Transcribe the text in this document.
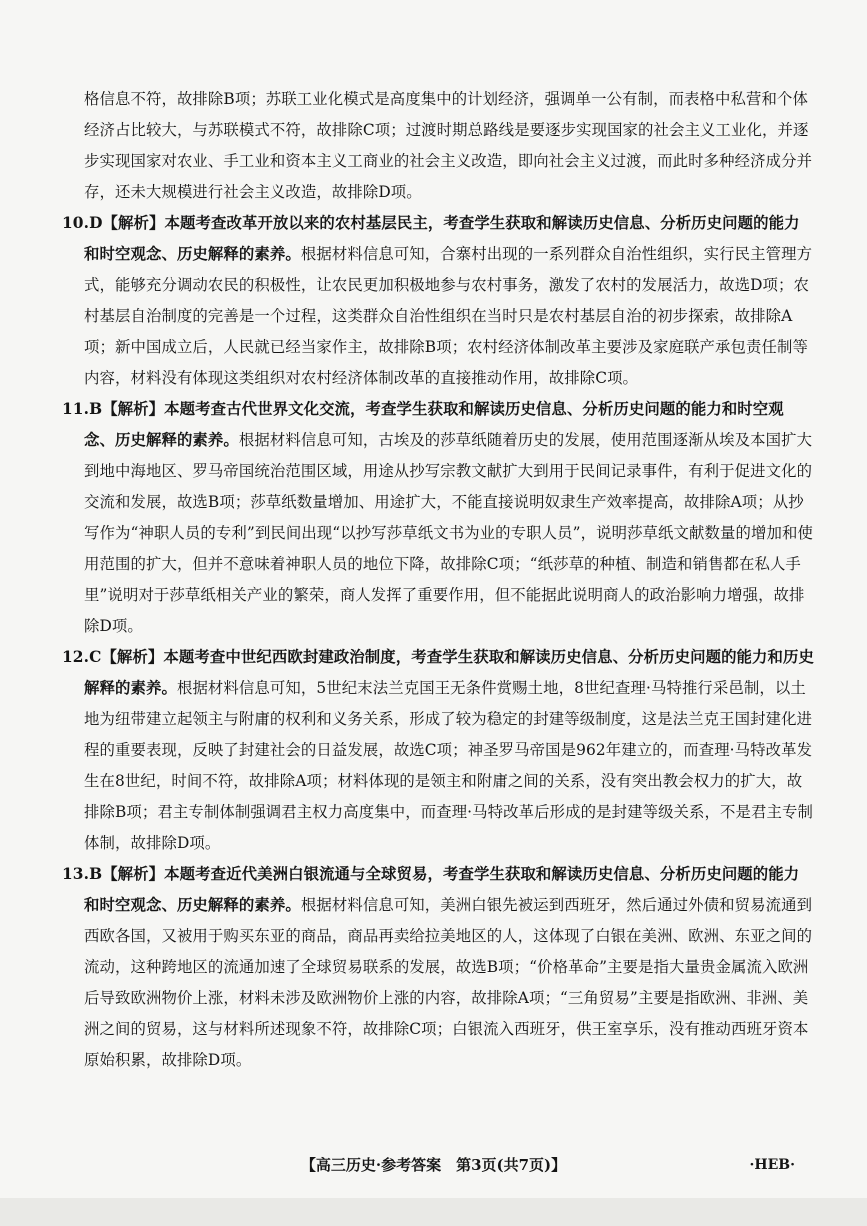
格信息不符，故排除B项；苏联工业化模式是高度集中的计划经济，强调单一公有制，而表格中私营和个体经济占比较大，与苏联模式不符，故排除C项；过渡时期总路线是要逐步实现国家的社会主义工业化，并逐步实现国家对农业、手工业和资本主义工商业的社会主义改造，即向社会主义过渡，而此时多种经济成分并存，还未大规模进行社会主义改造，故排除D项。

10.D【解析】本题考查改革开放以来的农村基层民主，考查学生获取和解读历史信息、分析历史问题的能力和时空观念、历史解释的素养。根据材料信息可知，合寨村出现的一系列群众自治性组织，实行民主管理方式，能够充分调动农民的积极性，让农民更加积极地参与农村事务，激发了农村的发展活力，故选D项；农村基层自治制度的完善是一个过程，这类群众自治性组织在当时只是农村基层自治的初步探索，故排除A项；新中国成立后，人民就已经当家作主，故排除B项；农村经济体制改革主要涉及家庭联产承包责任制等内容，材料没有体现这类组织对农村经济体制改革的直接推动作用，故排除C项。

11.B【解析】本题考查古代世界文化交流，考查学生获取和解读历史信息、分析历史问题的能力和时空观念、历史解释的素养。根据材料信息可知，古埃及的莎草纸随着历史的发展，使用范围逐渐从埃及本国扩大到地中海地区、罗马帝国统治范围区域，用途从抄写宗教文献扩大到用于民间记录事件，有利于促进文化的交流和发展，故选B项；莎草纸数量增加、用途扩大，不能直接说明奴隶生产效率提高，故排除A项；从抄写作为“神职人员的专利”到民间出现“以抄写莎草纸文书为业的专职人员”，说明莎草纸文献数量的增加和使用范围的扩大，但并不意味着神职人员的地位下降，故排除C项；“纸莎草的种植、制造和销售都在私人手里”说明对于莎草纸相关产业的繁荣，商人发挥了重要作用，但不能据此说明商人的政治影响力增强，故排除D项。

12.C【解析】本题考查中世纪西欧封建政治制度，考查学生获取和解读历史信息、分析历史问题的能力和历史解释的素养。根据材料信息可知，5世纪末法兰克国王无条件赏赐土地，8世纪查理·马特推行采邑制，以土地为纽带建立起领主与附庸的权利和义务关系，形成了较为稳定的封建等级制度，这是法兰克王国封建化进程的重要表现，反映了封建社会的日益发展，故选C项；神圣罗马帝国是962年建立的，而查理·马特改革发生在8世纪，时间不符，故排除A项；材料体现的是领主和附庸之间的关系，没有突出教会权力的扩大，故排除B项；君主专制体制强调君主权力高度集中，而查理·马特改革后形成的是封建等级关系，不是君主专制体制，故排除D项。

13.B【解析】本题考查近代美洲白银流通与全球贸易，考查学生获取和解读历史信息、分析历史问题的能力和时空观念、历史解释的素养。根据材料信息可知，美洲白银先被运到西班牙，然后通过外债和贸易流通到西欧各国，又被用于购买东亚的商品，商品再卖给拉美地区的人，这体现了白银在美洲、欧洲、东亚之间的流动，这种跨地区的流通加速了全球贸易联系的发展，故选B项；“价格革命”主要是指大量贵金属流入欧洲后导致欧洲物价上涨，材料未涉及欧洲物价上涨的内容，故排除A项；“三角贸易”主要是指欧洲、非洲、美洲之间的贸易，这与材料所述现象不符，故排除C项；白银流入西班牙，供王室享乐，没有推动西班牙资本原始积累，故排除D项。

【高三历史·参考答案　第3页(共7页)】	·HEB·
